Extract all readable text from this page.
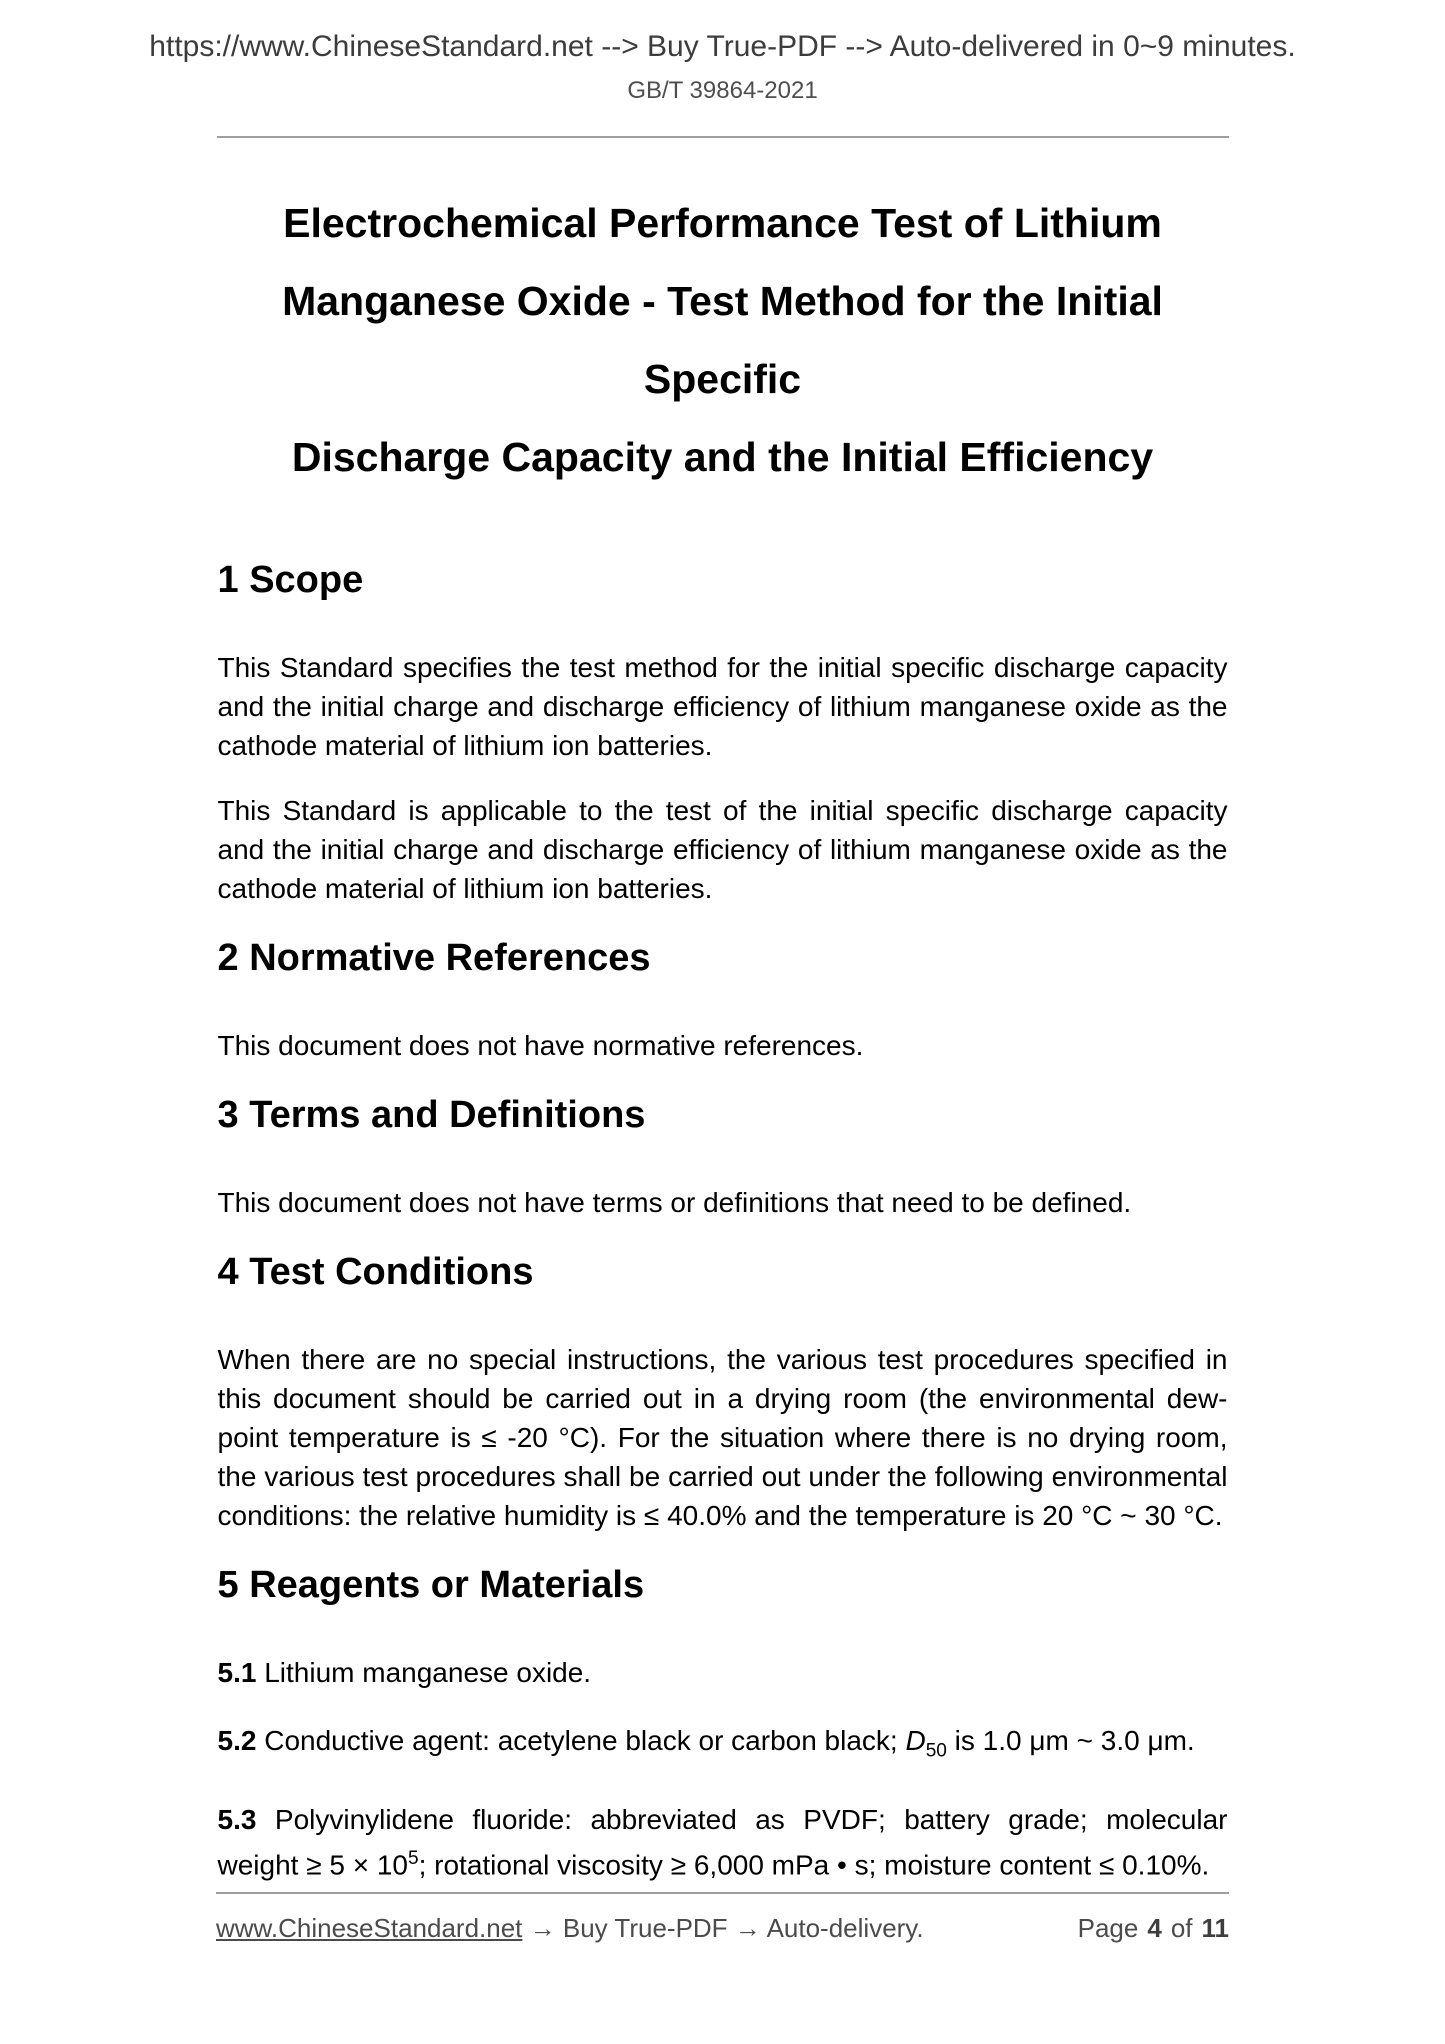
https://www.ChineseStandard.net --> Buy True-PDF --> Auto-delivered in 0~9 minutes.
GB/T 39864-2021
Electrochemical Performance Test of Lithium
Manganese Oxide - Test Method for the Initial Specific
Discharge Capacity and the Initial Efficiency
1 Scope

This Standard specifies the test method for the initial specific discharge capacity and the initial charge and discharge efficiency of lithium manganese oxide as the cathode material of lithium ion batteries.

This Standard is applicable to the test of the initial specific discharge capacity and the initial charge and discharge efficiency of lithium manganese oxide as the cathode material of lithium ion batteries.

2 Normative References

This document does not have normative references.

3 Terms and Definitions

This document does not have terms or definitions that need to be defined.

4 Test Conditions

When there are no special instructions, the various test procedures specified in this document should be carried out in a drying room (the environmental dew-point temperature is ≤ -20 °C). For the situation where there is no drying room, the various test procedures shall be carried out under the following environmental conditions: the relative humidity is ≤ 40.0% and the temperature is 20 °C ~ 30 °C.

5 Reagents or Materials
5.1 Lithium manganese oxide.
5.2 Conductive agent: acetylene black or carbon black; $D_{50}$ is 1.0 μm ~ 3.0 μm.
5.3 Polyvinylidene fluoride: abbreviated as PVDF; battery grade; molecular weight ≥ $5 \times 10^5$; rotational viscosity ≥ 6,000 mPa • s; moisture content ≤ 0.10%.
www.ChineseStandard.net → Buy True-PDF → Auto-delivery.	Page 4 of 11
